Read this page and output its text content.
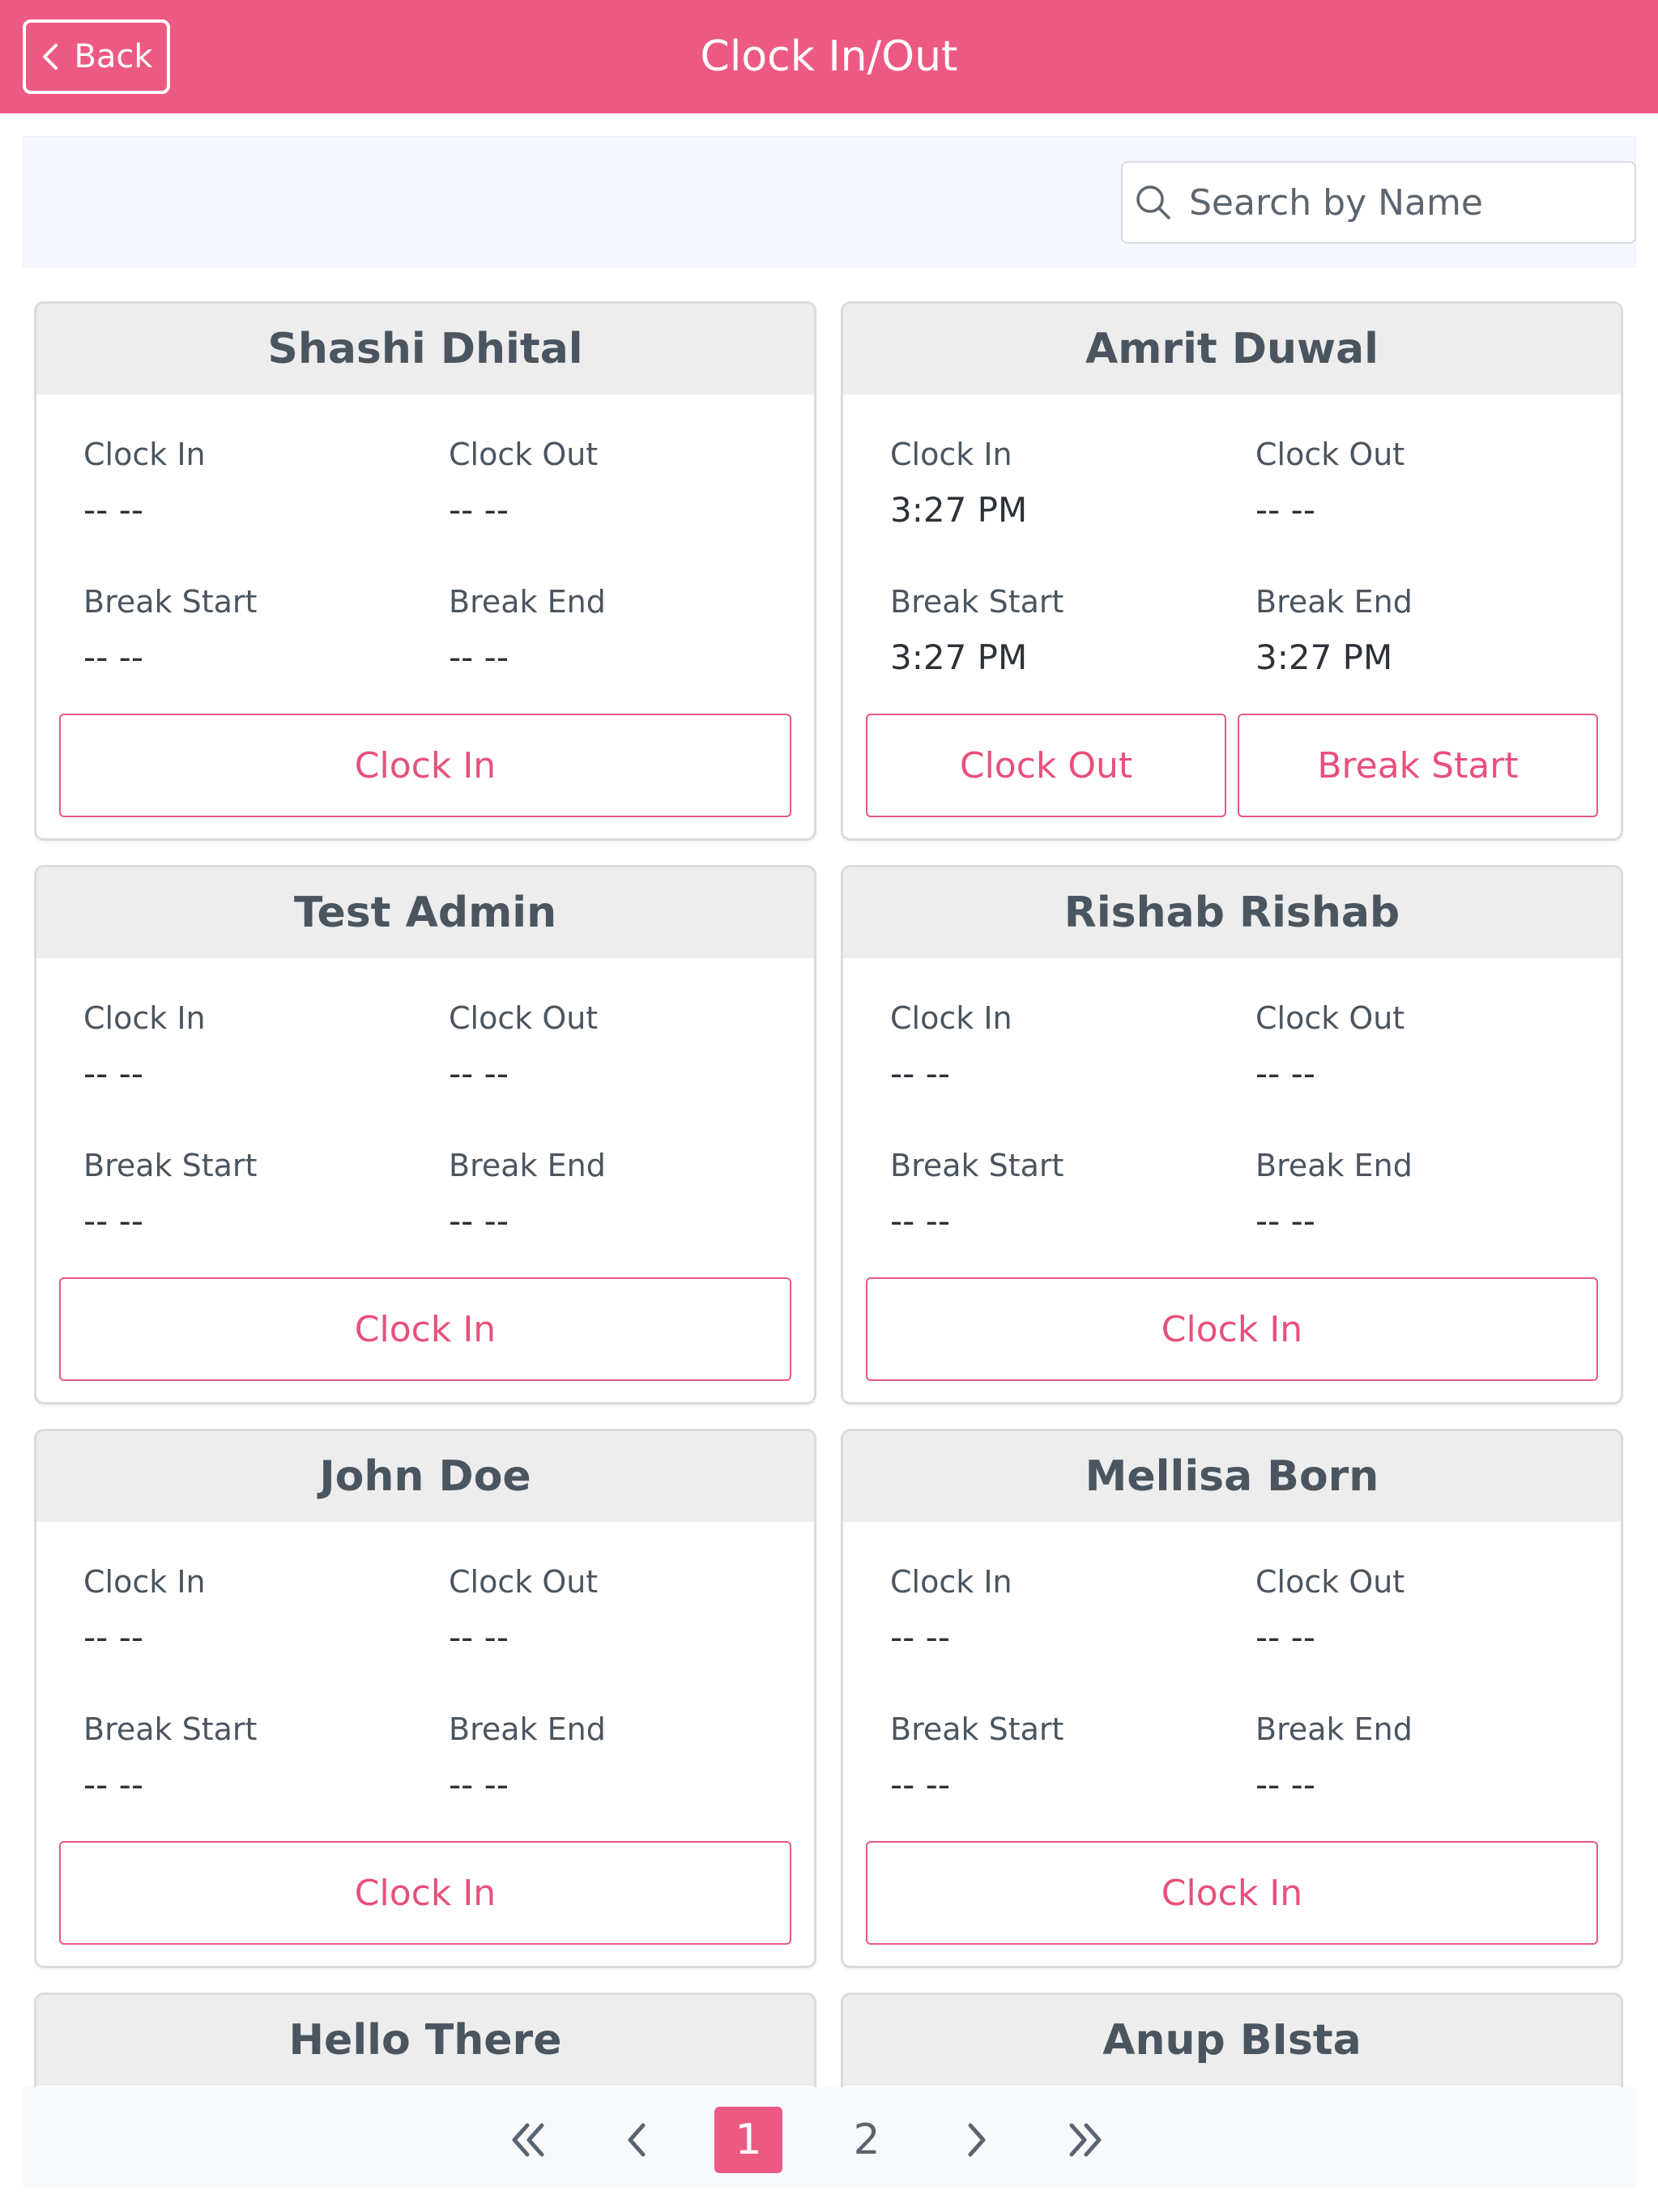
Back	Clock In/Out
Search by Name
Shashi Dhital
Clock In
-- --
Clock Out
-- --
Break Start
-- --
Break End
-- --
Clock In
Amrit Duwal
Clock In
3:27 PM
Clock Out
-- --
Break Start
3:27 PM
Break End
3:27 PM
Clock Out	Break Start
Test Admin
Clock In
-- --
Clock Out
-- --
Break Start
-- --
Break End
-- --
Clock In
Rishab Rishab
Clock In
-- --
Clock Out
-- --
Break Start
-- --
Break End
-- --
Clock In
John Doe
Clock In
-- --
Clock Out
-- --
Break Start
-- --
Break End
-- --
Clock In
Mellisa Born
Clock In
-- --
Clock Out
-- --
Break Start
-- --
Break End
-- --
Clock In
Hello There	Anup BIsta
1	2
